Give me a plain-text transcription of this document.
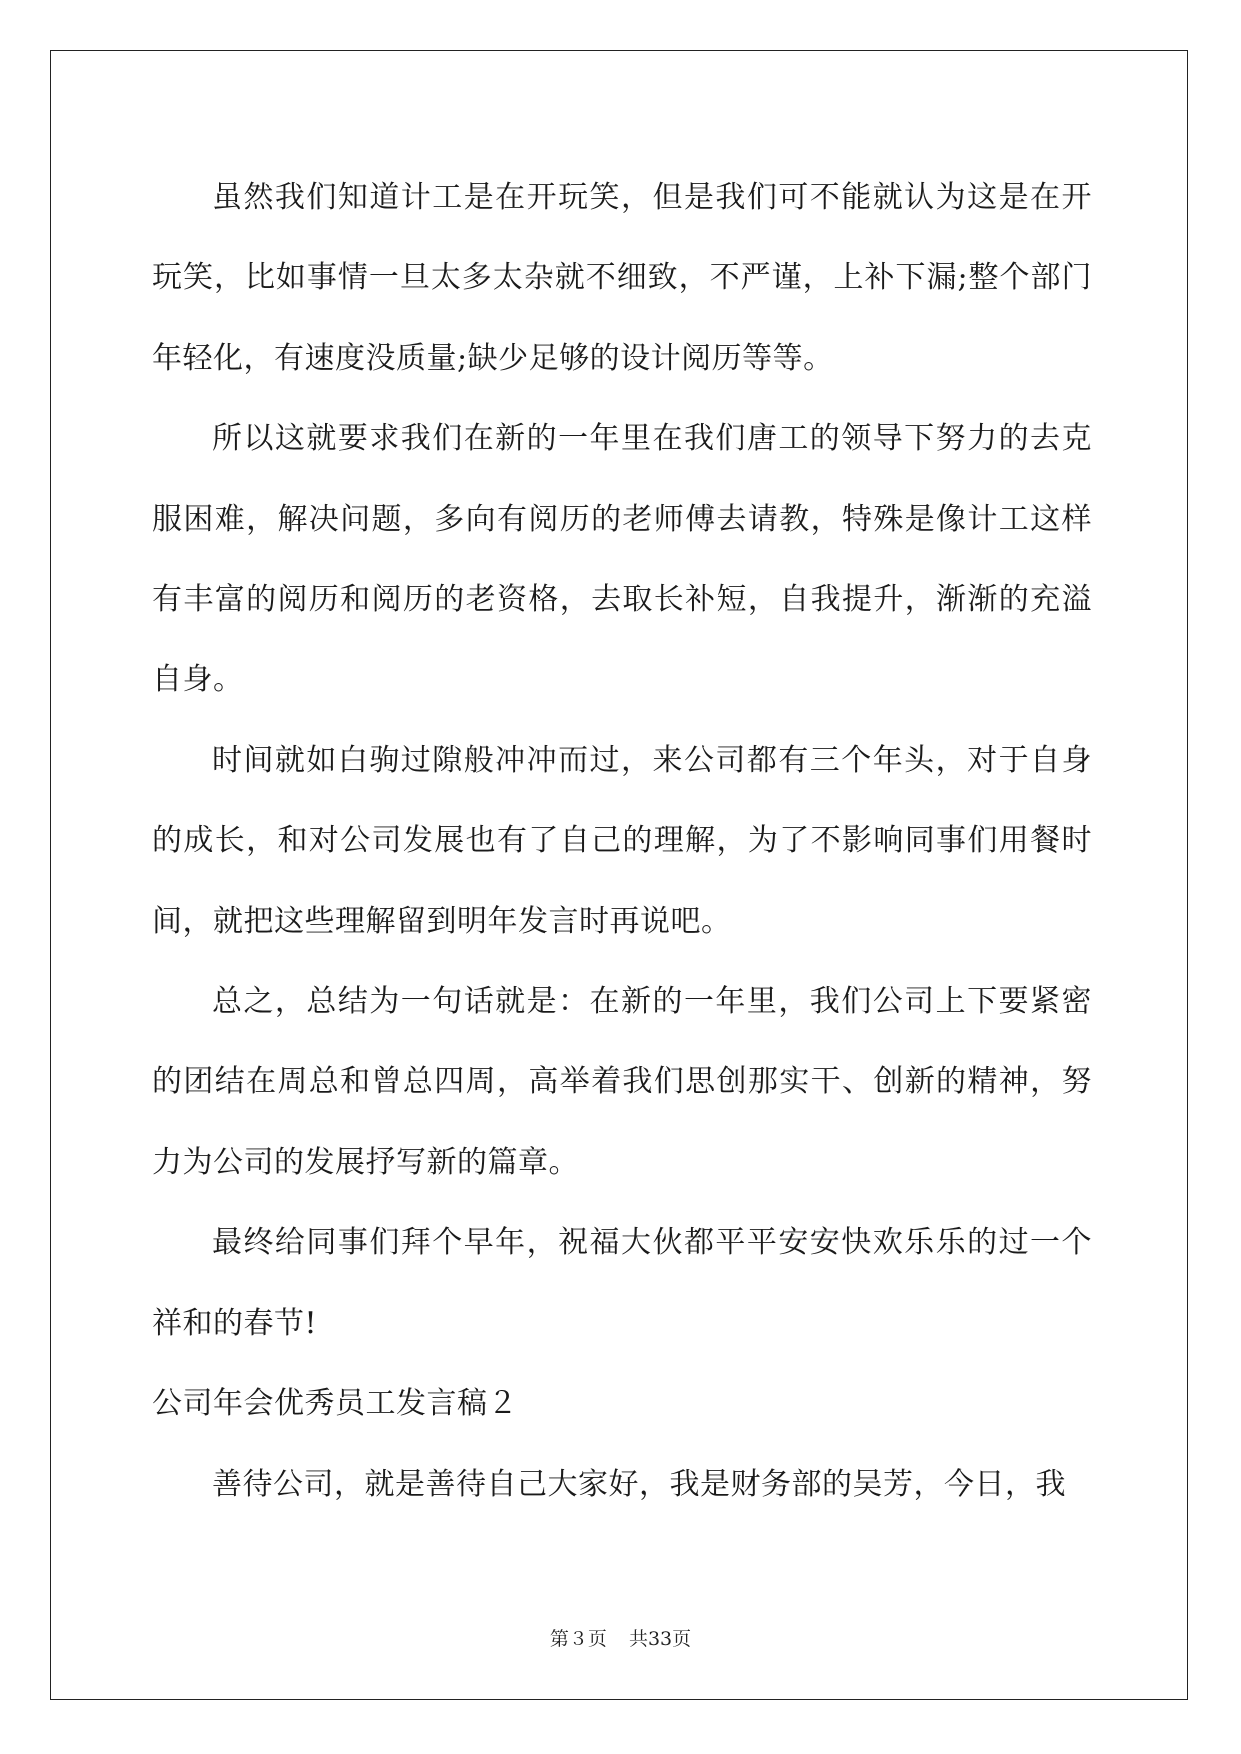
虽然我们知道计工是在开玩笑，但是我们可不能就认为这是在开玩笑，比如事情一旦太多太杂就不细致，不严谨，上补下漏;整个部门年轻化，有速度没质量;缺少足够的设计阅历等等。

所以这就要求我们在新的一年里在我们唐工的领导下努力的去克服困难，解决问题，多向有阅历的老师傅去请教，特殊是像计工这样有丰富的阅历和阅历的老资格，去取长补短，自我提升，渐渐的充溢自身。

时间就如白驹过隙般冲冲而过，来公司都有三个年头，对于自身的成长，和对公司发展也有了自己的理解，为了不影响同事们用餐时间，就把这些理解留到明年发言时再说吧。

总之，总结为一句话就是：在新的一年里，我们公司上下要紧密的团结在周总和曾总四周，高举着我们思创那实干、创新的精神，努力为公司的发展抒写新的篇章。

最终给同事们拜个早年，祝福大伙都平平安安快欢乐乐的过一个祥和的春节!

公司年会优秀员工发言稿２

善待公司，就是善待自己大家好，我是财务部的吴芳，今日，我

第３页 共33页
